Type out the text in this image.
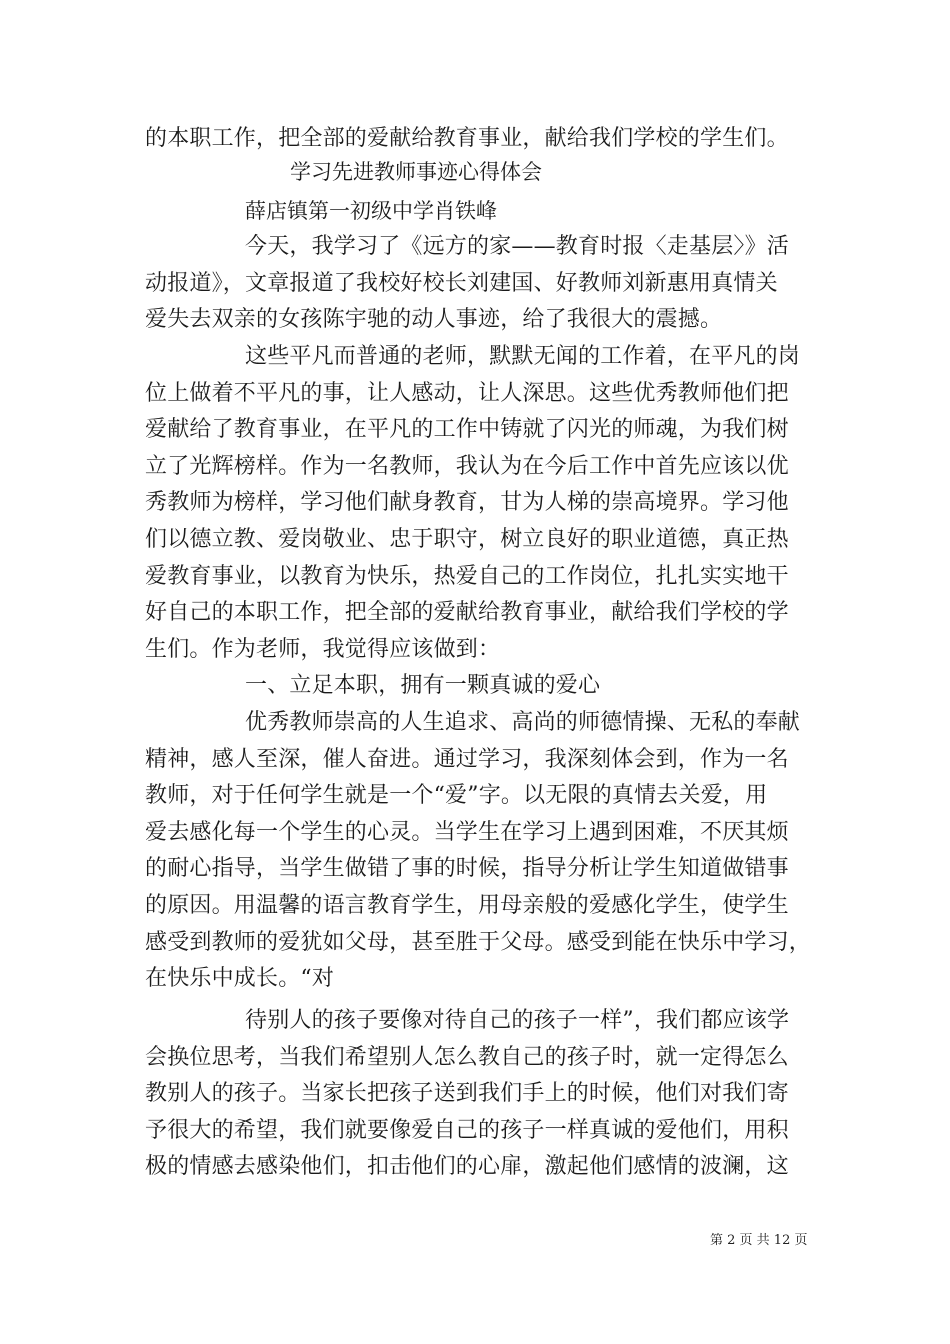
的本职工作，把全部的爱献给教育事业，献给我们学校的学生们。
学习先进教师事迹心得体会
薛店镇第一初级中学肖铁峰
今天，我学习了《远方的家——教育时报〈走基层〉》活
动报道》，文章报道了我校好校长刘建国、好教师刘新惠用真情关
爱失去双亲的女孩陈宇驰的动人事迹，给了我很大的震撼。
这些平凡而普通的老师，默默无闻的工作着，在平凡的岗
位上做着不平凡的事，让人感动，让人深思。这些优秀教师他们把
爱献给了教育事业，在平凡的工作中铸就了闪光的师魂，为我们树
立了光辉榜样。作为一名教师，我认为在今后工作中首先应该以优
秀教师为榜样，学习他们献身教育，甘为人梯的崇高境界。学习他
们以德立教、爱岗敬业、忠于职守，树立良好的职业道德，真正热
爱教育事业，以教育为快乐，热爱自己的工作岗位，扎扎实实地干
好自己的本职工作，把全部的爱献给教育事业，献给我们学校的学
生们。作为老师，我觉得应该做到：
一、立足本职，拥有一颗真诚的爱心
优秀教师崇高的人生追求、高尚的师德情操、无私的奉献
精神，感人至深，催人奋进。通过学习，我深刻体会到，作为一名
教师，对于任何学生就是一个“爱”字。以无限的真情去关爱，用
爱去感化每一个学生的心灵。当学生在学习上遇到困难，不厌其烦
的耐心指导，当学生做错了事的时候，指导分析让学生知道做错事
的原因。用温馨的语言教育学生，用母亲般的爱感化学生，使学生
感受到教师的爱犹如父母，甚至胜于父母。感受到能在快乐中学习，
在快乐中成长。“对
待别人的孩子要像对待自己的孩子一样”，我们都应该学
会换位思考，当我们希望别人怎么教自己的孩子时，就一定得怎么
教别人的孩子。当家长把孩子送到我们手上的时候，他们对我们寄
予很大的希望，我们就要像爱自己的孩子一样真诚的爱他们，用积
极的情感去感染他们，扣击他们的心扉，激起他们感情的波澜，这
第 2 页 共 12 页
